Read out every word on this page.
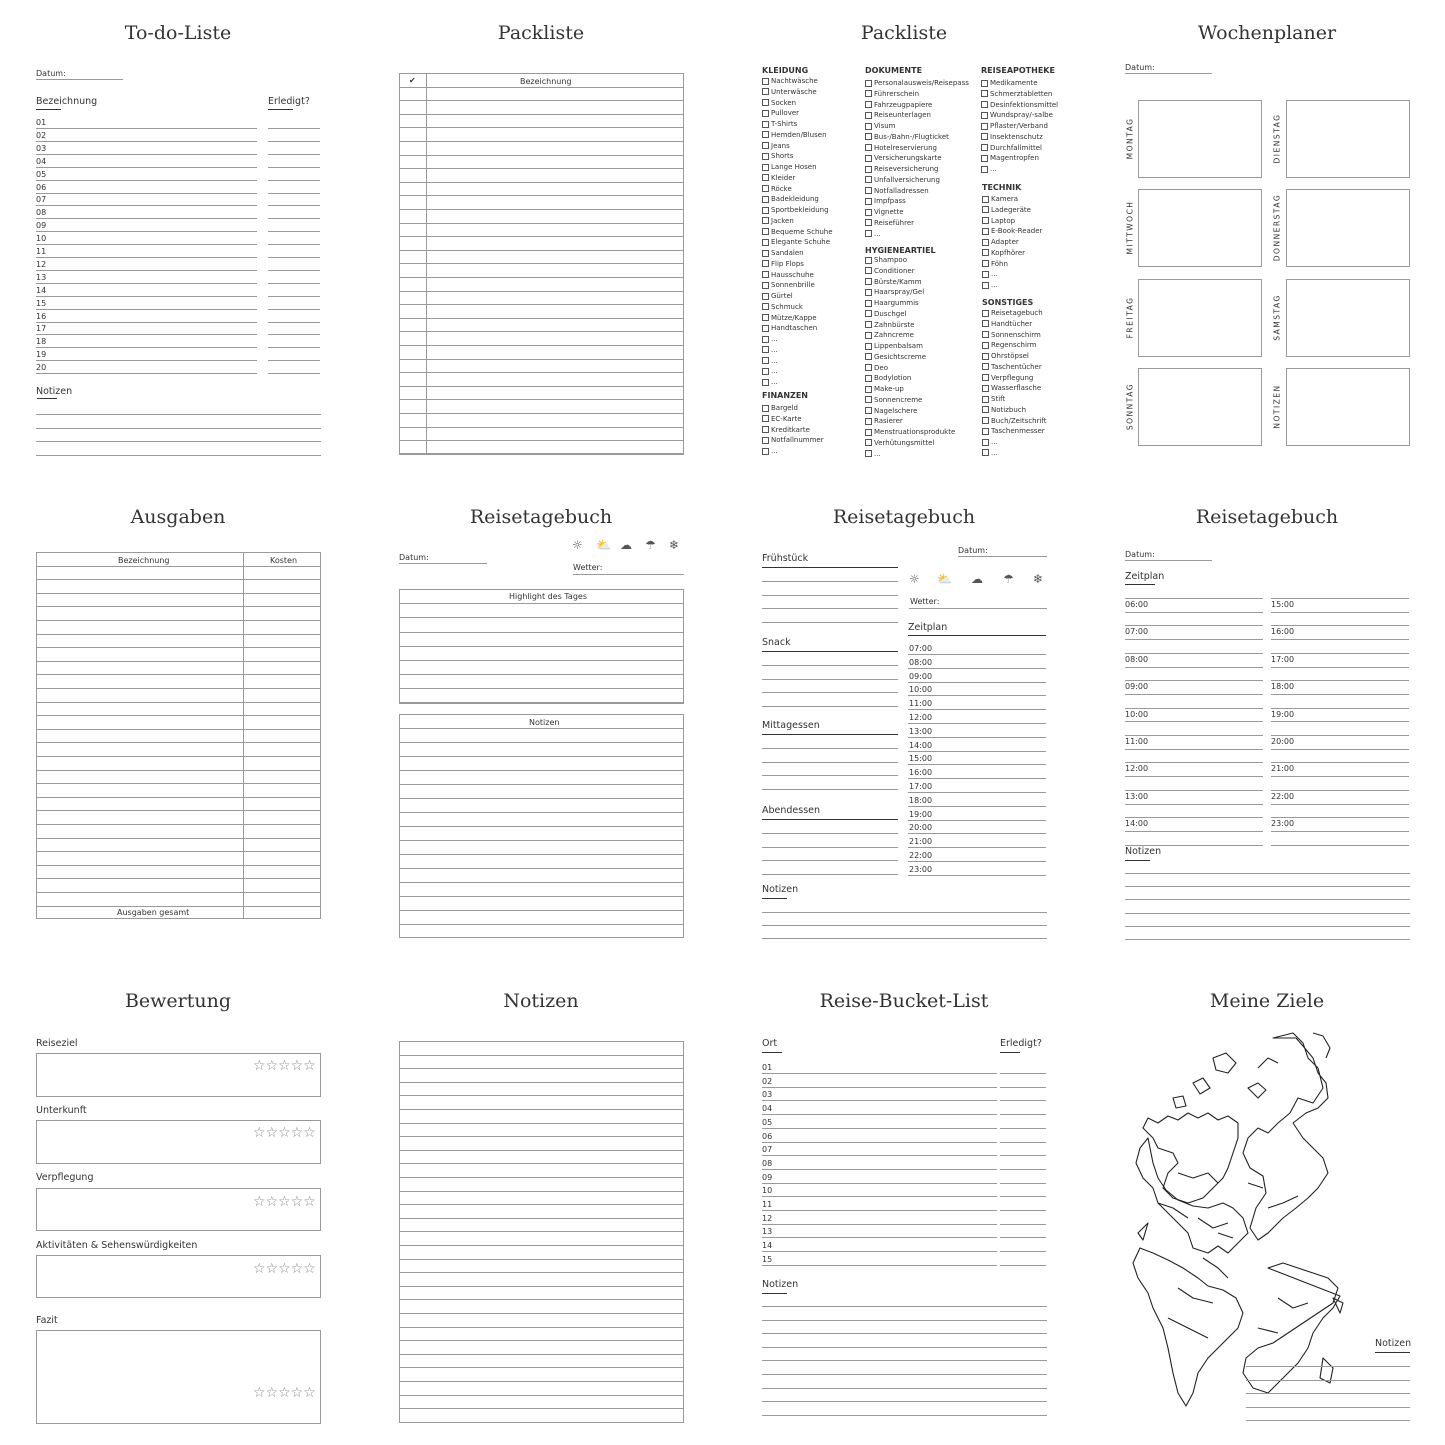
To-do-Liste	Packliste	Packliste	Wochenplaner
Datum:
Bezeichnung	Erledigt?
01
02
03
04
05
06
07
08
09
10
11
12
13
14
15
16
17
18
19
20
Notizen
✔	Bezeichnung
KLEIDUNG
Nachtwäsche
Unterwäsche
Socken
Pullover
T-Shirts
Hemden/Blusen
Jeans
Shorts
Lange Hosen
Kleider
Röcke
Badekleidung
Sportbekleidung
Jacken
Bequeme Schuhe
Elegante Schuhe
Sandalen
Flip Flops
Hausschuhe
Sonnenbrille
Gürtel
Schmuck
Mütze/Kappe
Handtaschen
...
...
...
...
...
FINANZEN
Bargeld
EC-Karte
Kreditkarte
Notfallnummer
...
DOKUMENTE
Personalausweis/Reisepass
Führerschein
Fahrzeugpapiere
Reiseunterlagen
Visum
Bus-/Bahn-/Flugticket
Hotelreservierung
Versicherungskarte
Reiseversicherung
Unfallversicherung
Notfalladressen
Impfpass
Vignette
Reiseführer
...
HYGIENEARTIEL
Shampoo
Conditioner
Bürste/Kamm
Haarspray/Gel
Haargummis
Duschgel
Zahnbürste
Zahncreme
Lippenbalsam
Gesichtscreme
Deo
Bodylotion
Make-up
Sonnencreme
Nagelschere
Rasierer
Menstruationsprodukte
Verhütungsmittel
...
REISEAPOTHEKE
Medikamente
Schmerztabletten
Desinfektionsmittel
Wundspray/-salbe
Pflaster/Verband
Insektenschutz
Durchfallmittel
Magentropfen
...
TECHNIK
Kamera
Ladegeräte
Laptop
E-Book-Reader
Adapter
Kopfhörer
Föhn
...
...
SONSTIGES
Reisetagebuch
Handtücher
Sonnenschirm
Regenschirm
Ohrstöpsel
Taschentücher
Verpflegung
Wasserflasche
Stift
Notizbuch
Buch/Zeitschrift
Taschenmesser
...
...
Datum:
MONTAG	DIENSTAG
MITTWOCH	DONNERSTAG
FREITAG	SAMSTAG
SONNTAG	NOTIZEN
Ausgaben	Reisetagebuch	Reisetagebuch	Reisetagebuch
Bezeichnung	Kosten
Ausgaben gesamt
Datum:
☼ ⛅ ☁ ☂ ❄
Wetter:
Highlight des Tages
Notizen
Frühstück
Snack
Mittagessen
Abendessen
Datum:
☼ ⛅ ☁ ☂ ❄
Wetter:
Zeitplan
07:00
08:00
09:00
10:00
11:00
12:00
13:00
14:00
15:00
16:00
17:00
18:00
19:00
20:00
21:00
22:00
23:00
Notizen
Datum:
Zeitplan
06:00	15:00
07:00	16:00
08:00	17:00
09:00	18:00
10:00	19:00
11:00	20:00
12:00	21:00
13:00	22:00
14:00	23:00
Notizen
Bewertung	Notizen	Reise-Bucket-List	Meine Ziele
Reiseziel
☆☆☆☆☆
Unterkunft
☆☆☆☆☆
Verpflegung
☆☆☆☆☆
Aktivitäten & Sehenswürdigkeiten
☆☆☆☆☆
Fazit
☆☆☆☆☆
Ort	Erledigt?
01
02
03
04
05
06
07
08
09
10
11
12
13
14
15
Notizen
Notizen
